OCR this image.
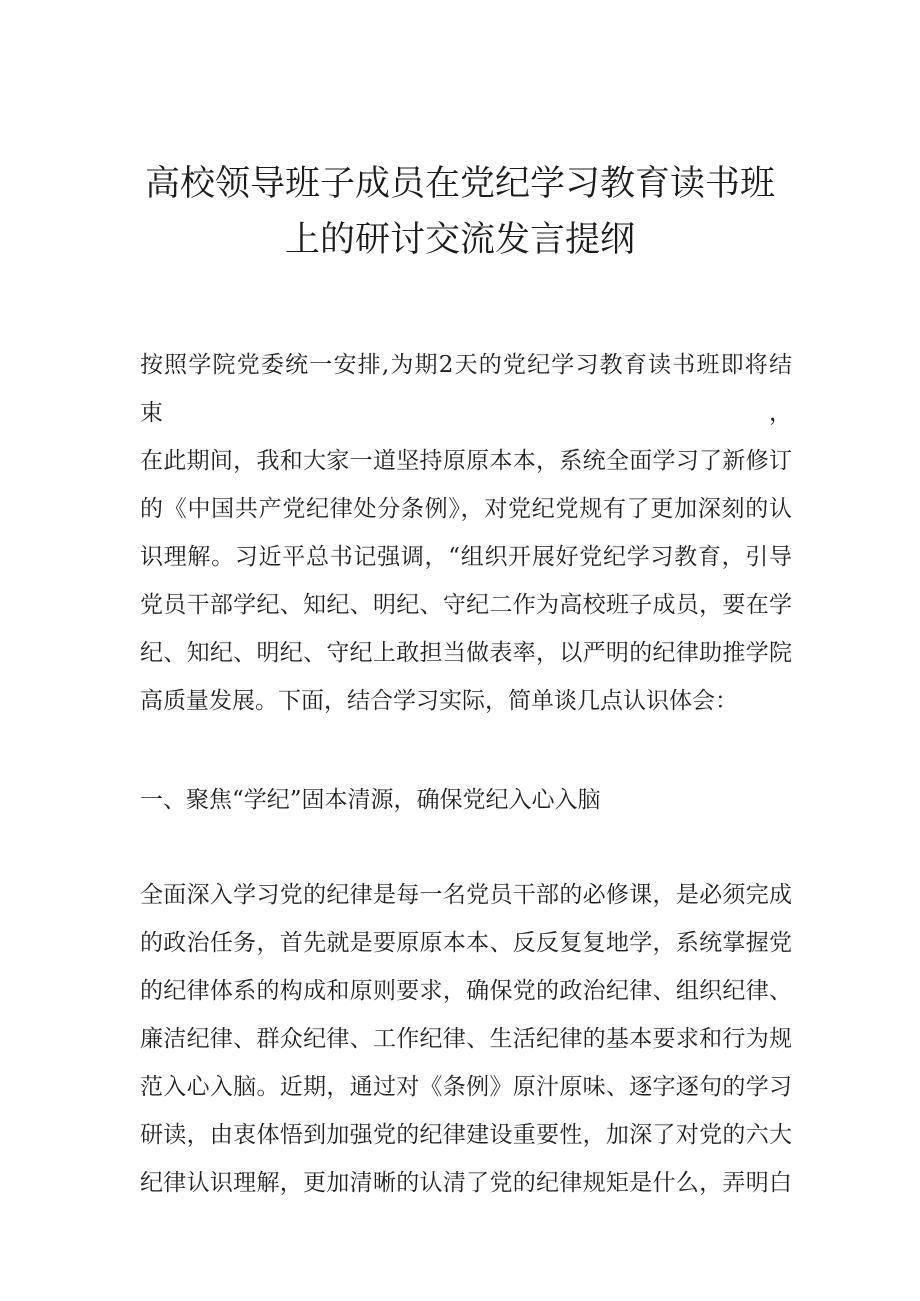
高校领导班子成员在党纪学习教育读书班
上的研讨交流发言提纲
按照学院党委统一安排,为期2天的党纪学习教育读书班即将结束，
在此期间，我和大家一道坚持原原本本，系统全面学习了新修订
的《中国共产党纪律处分条例》，对党纪党规有了更加深刻的认
识理解。习近平总书记强调，“组织开展好党纪学习教育，引导
党员干部学纪、知纪、明纪、守纪二作为高校班子成员，要在学
纪、知纪、明纪、守纪上敢担当做表率，以严明的纪律助推学院
高质量发展。下面，结合学习实际，简单谈几点认识体会：
一、聚焦“学纪”固本清源，确保党纪入心入脑
全面深入学习党的纪律是每一名党员干部的必修课，是必须完成
的政治任务，首先就是要原原本本、反反复复地学，系统掌握党
的纪律体系的构成和原则要求，确保党的政治纪律、组织纪律、
廉洁纪律、群众纪律、工作纪律、生活纪律的基本要求和行为规
范入心入脑。近期，通过对《条例》原汁原味、逐字逐句的学习
研读，由衷体悟到加强党的纪律建设重要性，加深了对党的六大
纪律认识理解，更加清晰的认清了党的纪律规矩是什么，弄明白
